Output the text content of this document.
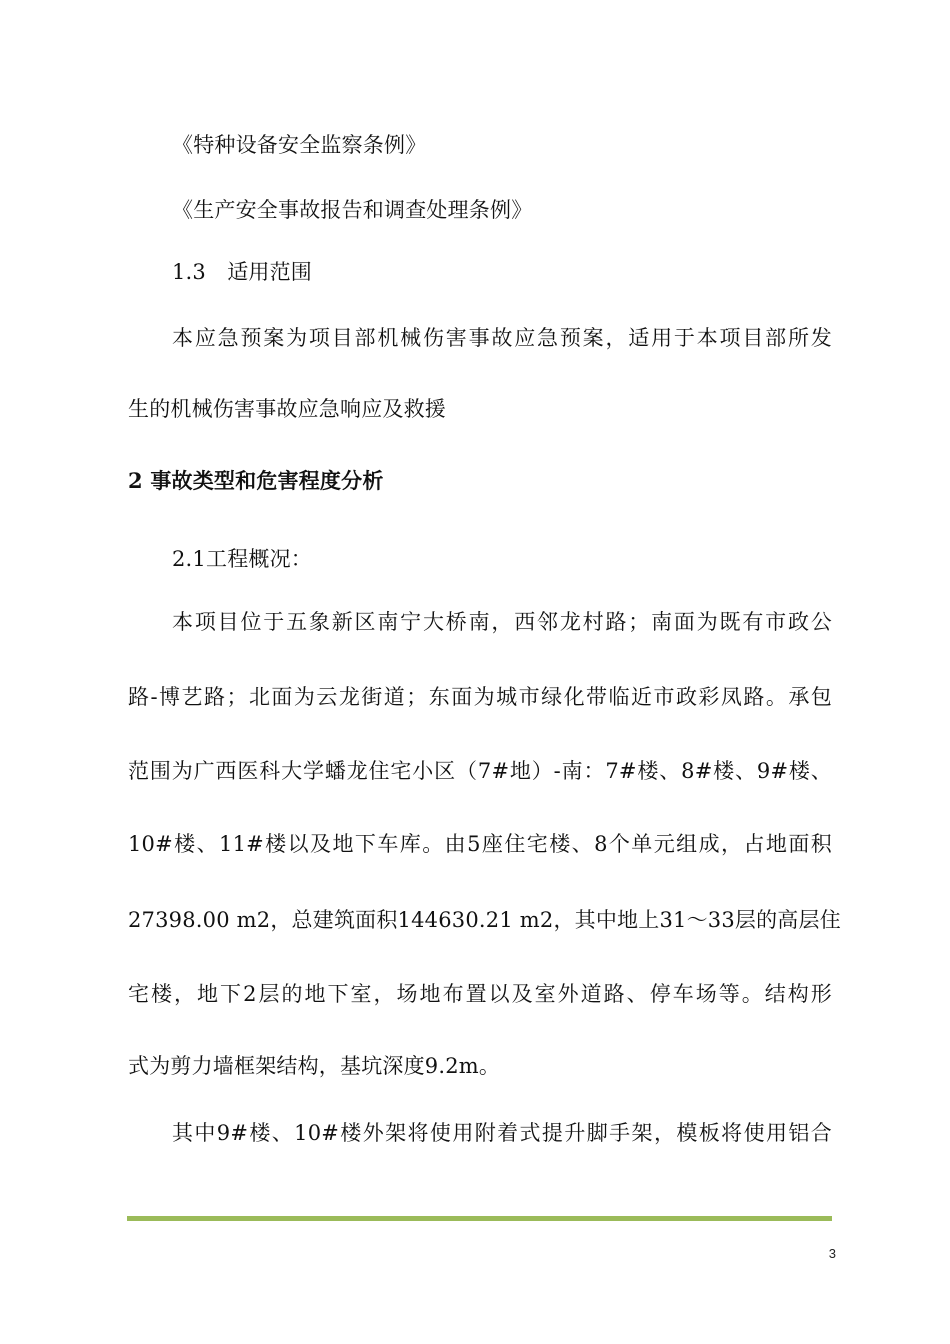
《特种设备安全监察条例》
《生产安全事故报告和调查处理条例》
1.3　适用范围
本应急预案为项目部机械伤害事故应急预案，适用于本项目部所发
生的机械伤害事故应急响应及救援
2 事故类型和危害程度分析
2.1工程概况：
本项目位于五象新区南宁大桥南，西邻龙村路；南面为既有市政公
路-博艺路；北面为云龙街道；东面为城市绿化带临近市政彩凤路。承包
范围为广西医科大学蟠龙住宅小区（7#地）-南：7#楼、8#楼、9#楼、
10#楼、11#楼以及地下车库。由5座住宅楼、8个单元组成，占地面积
27398.00 m2，总建筑面积144630.21 m2，其中地上31～33层的高层住
宅楼，地下2层的地下室，场地布置以及室外道路、停车场等。结构形
式为剪力墙框架结构，基坑深度9.2m。
其中9#楼、10#楼外架将使用附着式提升脚手架，模板将使用铝合
3
